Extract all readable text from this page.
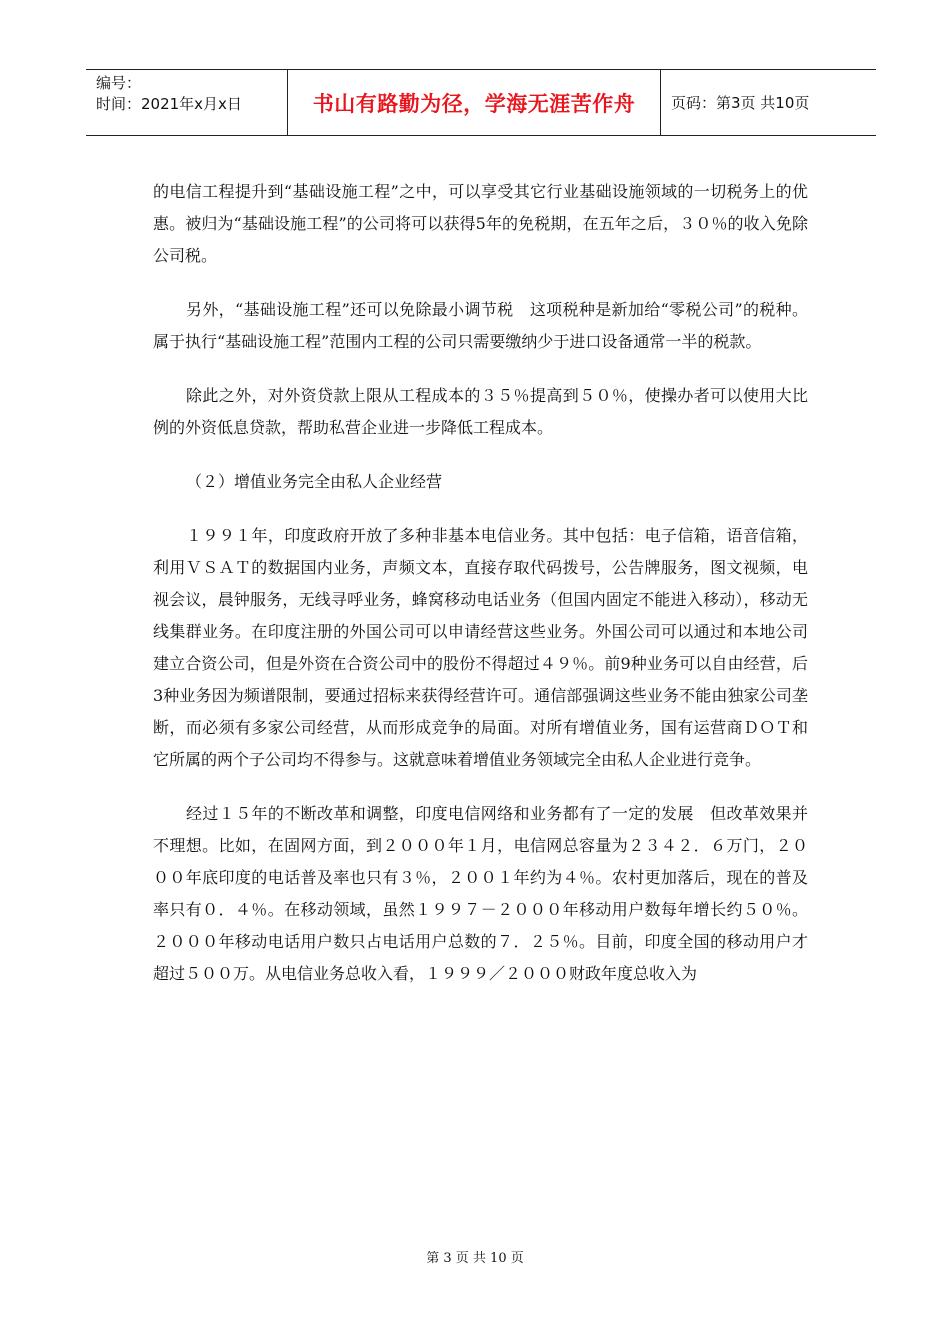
编号：
时间：2021年x月x日	书山有路勤为径，学海无涯苦作舟	页码：第3页 共10页

的电信工程提升到“基础设施工程”之中，可以享受其它行业基础设施领域的一切税务上的优惠。被归为“基础设施工程”的公司将可以获得5年的免税期，在五年之后，３０％的收入免除公司税。

另外，“基础设施工程”还可以免除最小调节税　这项税种是新加给“零税公司”的税种。属于执行“基础设施工程”范围内工程的公司只需要缴纳少于进口设备通常一半的税款。

除此之外，对外资贷款上限从工程成本的３５％提高到５０％，使操办者可以使用大比例的外资低息贷款，帮助私营企业进一步降低工程成本。

（２）增值业务完全由私人企业经营

１９９１年，印度政府开放了多种非基本电信业务。其中包括：电子信箱，语音信箱，利用ＶＳＡＴ的数据国内业务，声频文本，直接存取代码拨号，公告牌服务，图文视频，电视会议，晨钟服务，无线寻呼业务，蜂窝移动电话业务（但国内固定不能进入移动），移动无线集群业务。在印度注册的外国公司可以申请经营这些业务。外国公司可以通过和本地公司建立合资公司，但是外资在合资公司中的股份不得超过４９％。前9种业务可以自由经营，后3种业务因为频谱限制，要通过招标来获得经营许可。通信部强调这些业务不能由独家公司垄断，而必须有多家公司经营，从而形成竞争的局面。对所有增值业务，国有运营商ＤＯＴ和它所属的两个子公司均不得参与。这就意味着增值业务领域完全由私人企业进行竞争。

经过１５年的不断改革和调整，印度电信网络和业务都有了一定的发展　但改革效果并不理想。比如，在固网方面，到２０００年１月，电信网总容量为２３４２．６万门，２０００年底印度的电话普及率也只有３％，２００１年约为４％。农村更加落后，现在的普及率只有０．４％。在移动领域，虽然１９９７－２０００年移动用户数每年增长约５０％。２０００年移动电话用户数只占电话用户总数的７．２５％。目前，印度全国的移动用户才超过５００万。从电信业务总收入看，１９９９／２０００财政年度总收入为

第 3 页 共 10 页
